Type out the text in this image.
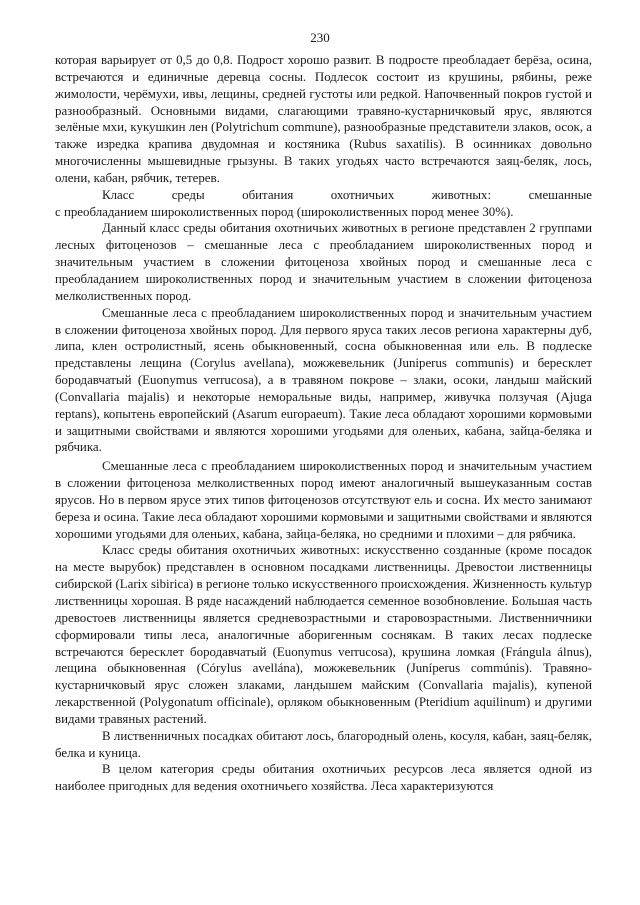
230

которая варьирует от 0,5 до 0,8. Подрост хорошо развит. В подросте преобладает берёза, осина, встречаются и единичные деревца сосны. Подлесок состоит из крушины, рябины, реже жимолости, черёмухи, ивы, лещины, средней густоты или редкой. Напочвенный покров густой и разнообразный. Основными видами, слагающими травяно-кустарничковый ярус, являются зелёные мхи, кукушкин лен (Polytrichum commune), разнообразные представители злаков, осок, а также изредка крапива двудомная и костяника (Rubus saxatilis). В осинниках довольно многочисленны мышевидные грызуны. В таких угодьях часто встречаются заяц-беляк, лось, олени, кабан, рябчик, тетерев.

Класс среды обитания охотничьих животных: смешанные

с преобладанием широколиственных пород (широколиственных пород менее 30%).

Данный класс среды обитания охотничьих животных в регионе представлен 2 группами лесных фитоценозов – смешанные леса с преобладанием широколиственных пород и значительным участием в сложении фитоценоза хвойных пород и смешанные леса с преобладанием широколиственных пород и значительным участием в сложении фитоценоза мелколиственных пород.

Смешанные леса с преобладанием широколиственных пород и значительным участием в сложении фитоценоза хвойных пород. Для первого яруса таких лесов региона характерны дуб, липа, клен остролистный, ясень обыкновенный, сосна обыкновенная или ель. В подлеске представлены лещина (Corylus avellana), можжевельник (Juniperus communis) и бересклет бородавчатый (Euonymus verrucosa), а в травяном покрове – злаки, осоки, ландыш майский (Convallaria majalis) и некоторые неморальные виды, например, живучка ползучая (Ajuga reptans), копытень европейский (Asarum europaeum). Такие леса обладают хорошими кормовыми и защитными свойствами и являются хорошими угодьями для оленьих, кабана, зайца-беляка и рябчика.

Смешанные леса с преобладанием широколиственных пород и значительным участием в сложении фитоценоза мелколиственных пород имеют аналогичный вышеуказанным состав ярусов. Но в первом ярусе этих типов фитоценозов отсутствуют ель и сосна. Их место занимают береза и осина. Такие леса обладают хорошими кормовыми и защитными свойствами и являются хорошими угодьями для оленьих, кабана, зайца-беляка, но средними и плохими – для рябчика.

Класс среды обитания охотничьих животных: искусственно созданные (кроме посадок на месте вырубок) представлен в основном посадками лиственницы. Древостои лиственницы сибирской (Larix sibirica) в регионе только искусственного происхождения. Жизненность культур лиственницы хорошая. В ряде насаждений наблюдается семенное возобновление. Большая часть древостоев лиственницы является средневозрастными и старовозрастными. Лиственничники сформировали типы леса, аналогичные аборигенным соснякам. В таких лесах подлеске встречаются бересклет бородавчатый (Euonymus verrucosa), крушина ломкая (Frángula álnus), лещина обыкновенная (Córylus avellána), можжевельник (Juníperus commúnis). Травяно-кустарничковый ярус сложен злаками, ландышем майским (Convallaria majalis), купеной лекарственной (Polygonatum officinale), орляком обыкновенным (Pteridium aquilinum) и другими видами травяных растений.

В лиственничных посадках обитают лось, благородный олень, косуля, кабан, заяц-беляк, белка и куница.

В целом категория среды обитания охотничьих ресурсов леса является одной из наиболее пригодных для ведения охотничьего хозяйства. Леса характеризуются
